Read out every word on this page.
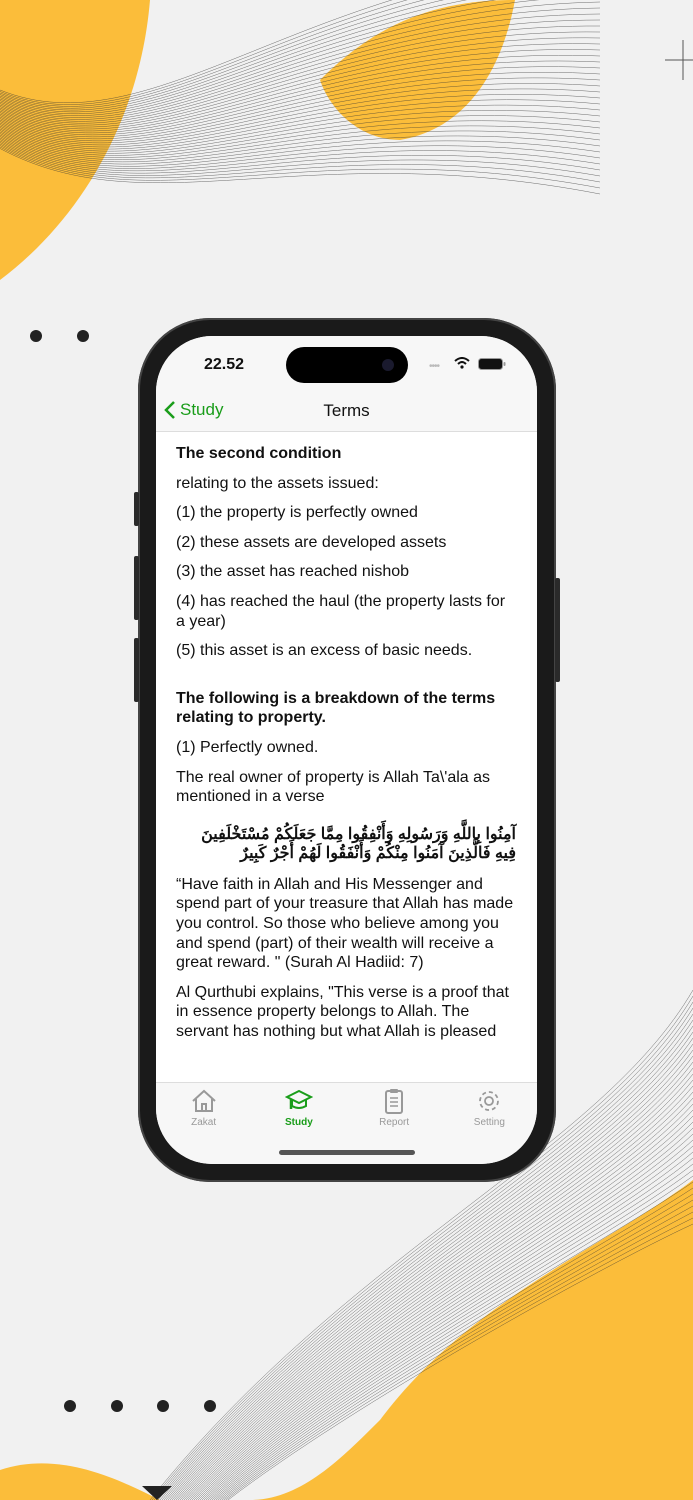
22.52	••••
Study	Terms

The second condition

relating to the assets issued:

(1) the property is perfectly owned

(2) these assets are developed assets

(3) the asset has reached nishob

(4) has reached the haul (the property lasts for a year)

(5) this asset is an excess of basic needs.

The following is a breakdown of the terms relating to property.

(1) Perfectly owned.

The real owner of property is Allah Ta\'ala as mentioned in a verse

آمِنُوا بِاللَّهِ وَرَسُولِهِ وَأَنْفِقُوا مِمَّا جَعَلَكُمْ مُسْتَخْلَفِينَ فِيهِ فَالَّذِينَ آمَنُوا مِنْكُمْ وَأَنْفَقُوا لَهُمْ أَجْرٌ كَبِيرٌ

“Have faith in Allah and His Messenger and spend part of your treasure that Allah has made you control. So those who believe among you and spend (part) of their wealth will receive a great reward. " (Surah Al Hadiid: 7)

Al Qurthubi explains, "This verse is a proof that in essence property belongs to Allah. The servant has nothing but what Allah is pleased

Zakat	Study	Report	Setting
